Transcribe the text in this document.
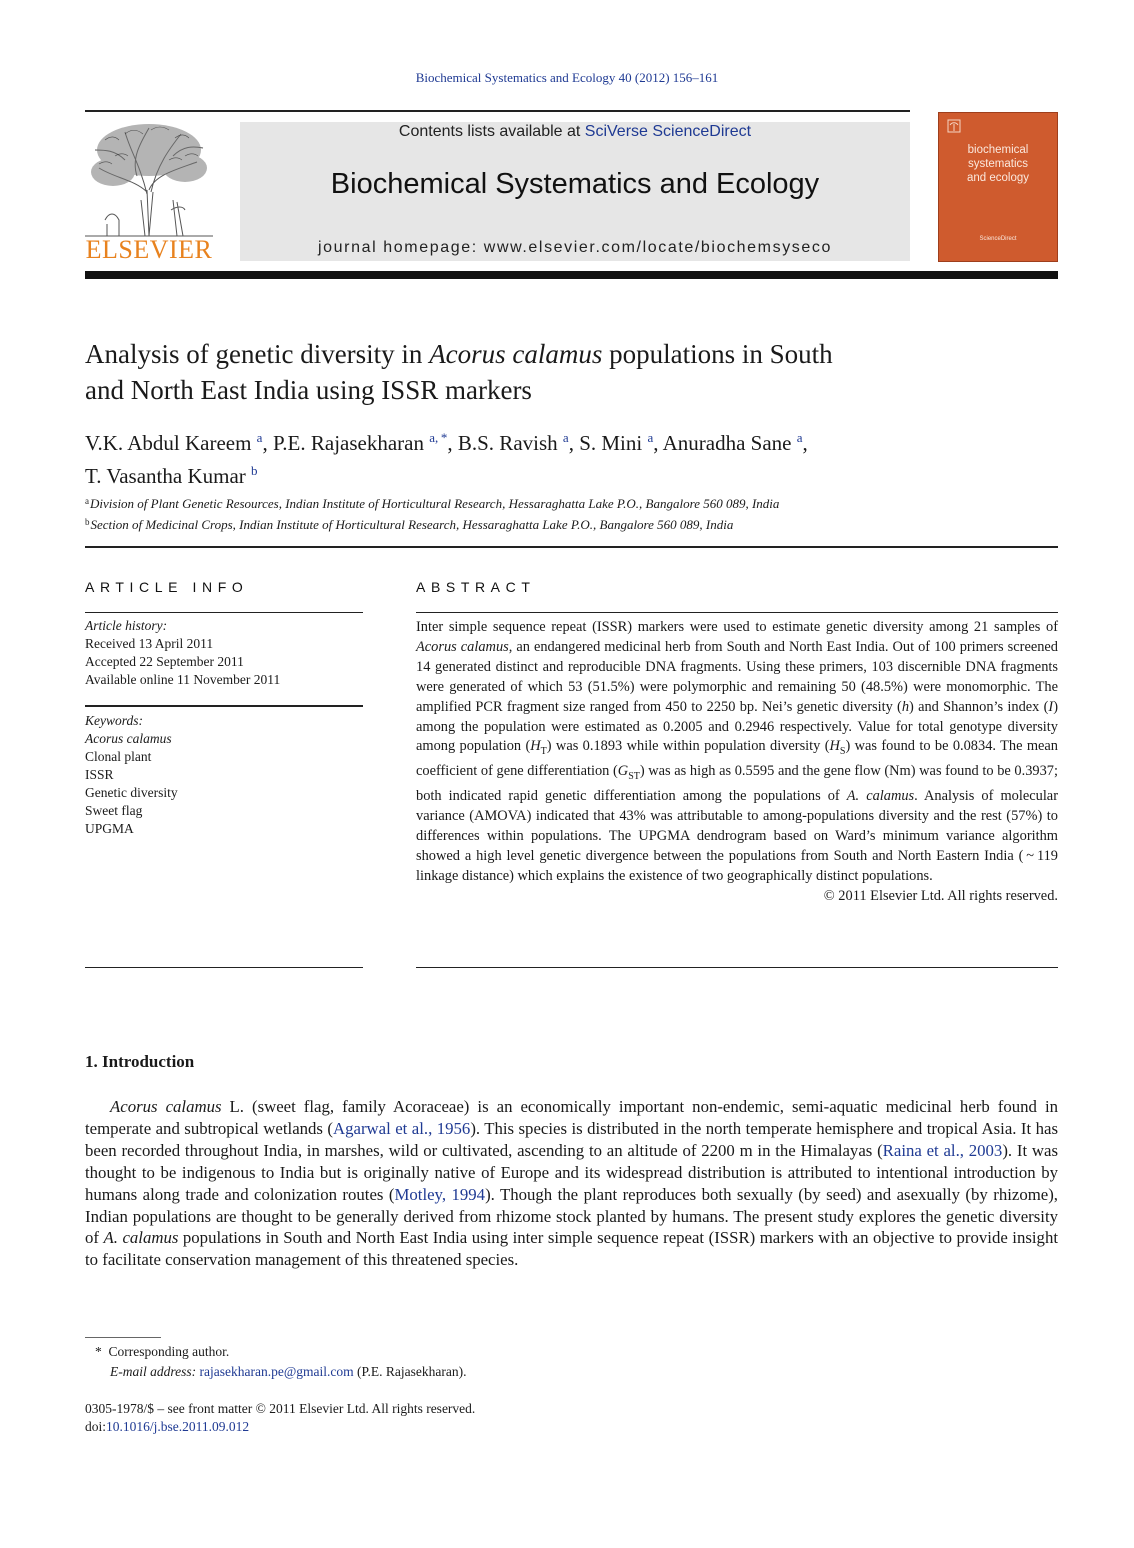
Biochemical Systematics and Ecology 40 (2012) 156–161
ELSEVIER
Contents lists available at SciVerse ScienceDirect
Biochemical Systematics and Ecology
journal homepage: www.elsevier.com/locate/biochemsyseco
biochemical
systematics
and ecology
ScienceDirect
Analysis of genetic diversity in Acorus calamus populations in South
and North East India using ISSR markers
V.K. Abdul Kareem $^a$, P.E. Rajasekharan $^{a, *}$, B.S. Ravish $^a$, S. Mini $^a$, Anuradha Sane $^a$,
T. Vasantha Kumar $^b$
$^a$Division of Plant Genetic Resources, Indian Institute of Horticultural Research, Hessaraghatta Lake P.O., Bangalore 560 089, India
$^b$Section of Medicinal Crops, Indian Institute of Horticultural Research, Hessaraghatta Lake P.O., Bangalore 560 089, India
ARTICLE INFO
Article history:
Received 13 April 2011
Accepted 22 September 2011
Available online 11 November 2011
Keywords:
Acorus calamus
Clonal plant
ISSR
Genetic diversity
Sweet flag
UPGMA
ABSTRACT

Inter simple sequence repeat (ISSR) markers were used to estimate genetic diversity among 21 samples of Acorus calamus, an endangered medicinal herb from South and North East India. Out of 100 primers screened 14 generated distinct and reproducible DNA fragments. Using these primers, 103 discernible DNA fragments were generated of which 53 (51.5%) were polymorphic and remaining 50 (48.5%) were monomorphic. The amplified PCR fragment size ranged from 450 to 2250 bp. Nei’s genetic diversity (h) and Shannon’s index (I) among the population were estimated as 0.2005 and 0.2946 respectively. Value for total genotype diversity among population $(H_T)$ was 0.1893 while within population diversity $(H_S)$ was found to be 0.0834. The mean coefficient of gene differentiation $(G_{ST})$ was as high as 0.5595 and the gene flow (Nm) was found to be 0.3937; both indicated rapid genetic differentiation among the populations of A. calamus. Analysis of molecular variance (AMOVA) indicated that 43% was attributable to among-populations diversity and the rest (57%) to differences within populations. The UPGMA dendrogram based on Ward’s minimum variance algorithm showed a high level genetic divergence between the populations from South and North Eastern India ( ~ 119 linkage distance) which explains the existence of two geographically distinct populations.

© 2011 Elsevier Ltd. All rights reserved.

1. Introduction

Acorus calamus L. (sweet flag, family Acoraceae) is an economically important non-endemic, semi-aquatic medicinal herb found in temperate and subtropical wetlands (Agarwal et al., 1956). This species is distributed in the north temperate hemisphere and tropical Asia. It has been recorded throughout India, in marshes, wild or cultivated, ascending to an altitude of 2200 m in the Himalayas (Raina et al., 2003). It was thought to be indigenous to India but is originally native of Europe and its widespread distribution is attributed to intentional introduction by humans along trade and colonization routes (Motley, 1994). Though the plant reproduces both sexually (by seed) and asexually (by rhizome), Indian populations are thought to be generally derived from rhizome stock planted by humans. The present study explores the genetic diversity of A. calamus populations in South and North East India using inter simple sequence repeat (ISSR) markers with an objective to provide insight to facilitate conservation management of this threatened species.

* Corresponding author.
E-mail address: rajasekharan.pe@gmail.com (P.E. Rajasekharan).
0305-1978/$ – see front matter © 2011 Elsevier Ltd. All rights reserved.
doi:10.1016/j.bse.2011.09.012
